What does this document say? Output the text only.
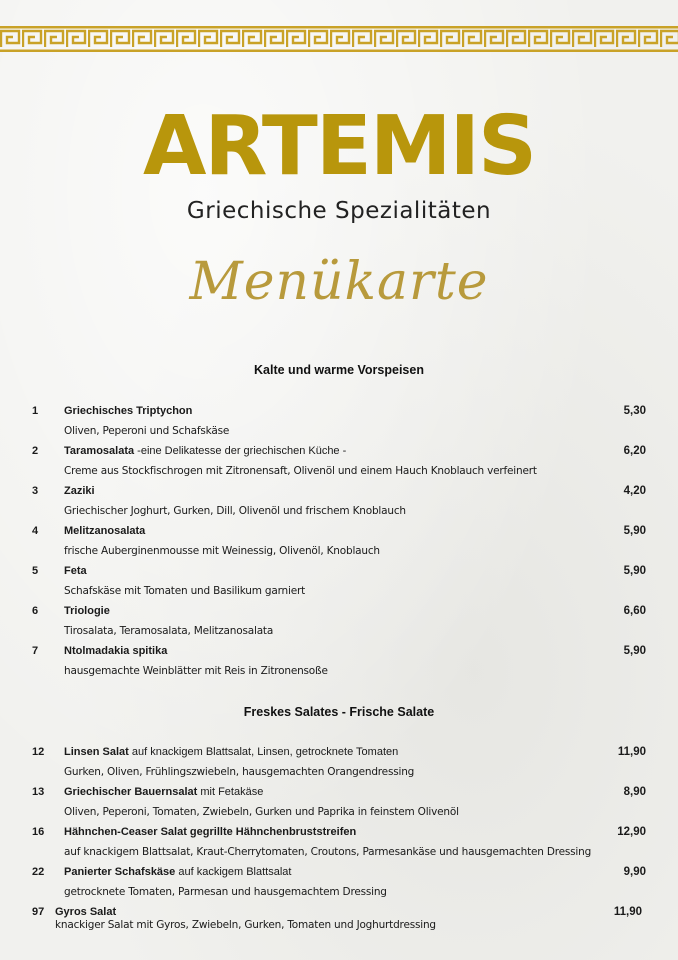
ARTEMIS
Griechische Spezialitäten
Menükarte
Kalte und warme Vorspeisen
1 Griechisches Triptychon	5,30
Oliven, Peperoni und Schafskäse
2 Taramosalata -eine Delikatesse der griechischen Küche -	6,20
Creme aus Stockfischrogen mit Zitronensaft, Olivenöl und einem Hauch Knoblauch verfeinert
3 Zaziki	4,20
Griechischer Joghurt, Gurken, Dill, Olivenöl und frischem Knoblauch
4 Melitzanosalata	5,90
frische Auberginenmousse mit Weinessig, Olivenöl, Knoblauch
5 Feta	5,90
Schafskäse mit Tomaten und Basilikum garniert
6 Triologie	6,60
Tirosalata, Teramosalata, Melitzanosalata
7 Ntolmadakia spitika	5,90
hausgemachte Weinblätter mit Reis in Zitronensoße
Freskes Salates - Frische Salate
12 Linsen Salat auf knackigem Blattsalat, Linsen, getrocknete Tomaten	11,90
Gurken, Oliven, Frühlingszwiebeln, hausgemachten Orangendressing
13 Griechischer Bauernsalat mit Fetakäse	8,90
Oliven, Peperoni, Tomaten, Zwiebeln, Gurken und Paprika in feinstem Olivenöl
16 Hähnchen-Ceaser Salat gegrillte Hähnchenbruststreifen	12,90
auf knackigem Blattsalat, Kraut-Cherrytomaten, Croutons, Parmesankäse und hausgemachten Dressing
22 Panierter Schafskäse auf kackigem Blattsalat	9,90
getrocknete Tomaten, Parmesan und hausgemachtem Dressing
97 Gyros Salat	11,90
knackiger Salat mit Gyros, Zwiebeln, Gurken, Tomaten und Joghurtdressing
